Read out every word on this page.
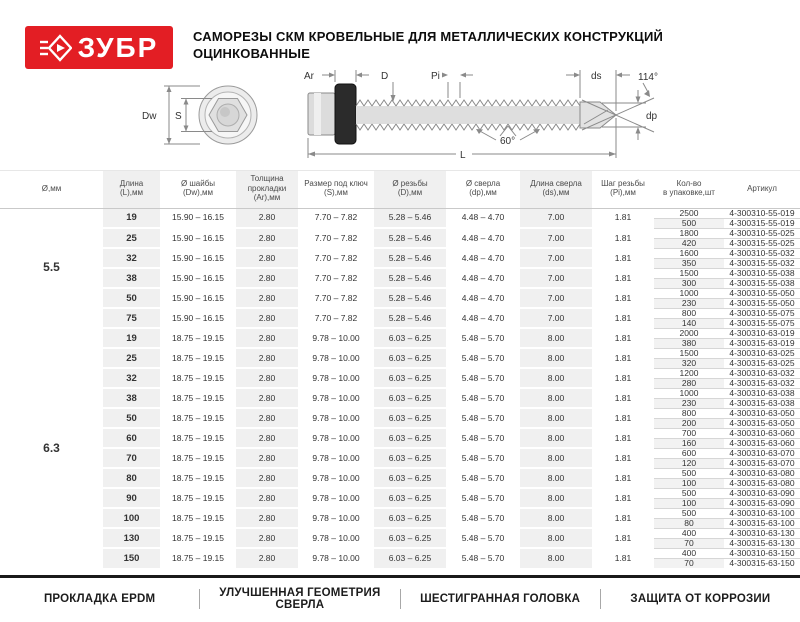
ЗУБР	САМОРЕЗЫ СКМ КРОВЕЛЬНЫЕ ДЛЯ МЕТАЛЛИЧЕСКИХ КОНСТРУКЦИЙ
ОЦИНКОВАННЫЕ
Dw S
Ar	D	Pi	ds	114°
dp
60°
L
Ø,мм

Длина
(L),мм

Ø шайбы
(Dw),мм

Толщина прокладки
(Ar),мм

Размер под ключ
(S),мм

Ø резьбы
(D),мм

Ø сверла
(dp),мм

Длина сверла
(ds),мм

Шаг резьбы
(Pi),мм

Кол-во
в упаковке,шт

Артикул

5.5	19	15.90 – 16.15	2.80	7.70 – 7.82	5.28 – 5.46	4.48 – 4.70	7.00	1.81	2500	4-300310-55-019
									500	4-300315-55-019
	25	15.90 – 16.15	2.80	7.70 – 7.82	5.28 – 5.46	4.48 – 4.70	7.00	1.81	1800	4-300310-55-025
									420	4-300315-55-025
	32	15.90 – 16.15	2.80	7.70 – 7.82	5.28 – 5.46	4.48 – 4.70	7.00	1.81	1600	4-300310-55-032
									350	4-300315-55-032
	38	15.90 – 16.15	2.80	7.70 – 7.82	5.28 – 5.46	4.48 – 4.70	7.00	1.81	1500	4-300310-55-038
									300	4-300315-55-038
	50	15.90 – 16.15	2.80	7.70 – 7.82	5.28 – 5.46	4.48 – 4.70	7.00	1.81	1000	4-300310-55-050
									230	4-300315-55-050
	75	15.90 – 16.15	2.80	7.70 – 7.82	5.28 – 5.46	4.48 – 4.70	7.00	1.81	800	4-300310-55-075
									140	4-300315-55-075
6.3	19	18.75 – 19.15	2.80	9.78 – 10.00	6.03 – 6.25	5.48 – 5.70	8.00	1.81	2000	4-300310-63-019
									380	4-300315-63-019
	25	18.75 – 19.15	2.80	9.78 – 10.00	6.03 – 6.25	5.48 – 5.70	8.00	1.81	1500	4-300310-63-025
									320	4-300315-63-025
	32	18.75 – 19.15	2.80	9.78 – 10.00	6.03 – 6.25	5.48 – 5.70	8.00	1.81	1200	4-300310-63-032
									280	4-300315-63-032
	38	18.75 – 19.15	2.80	9.78 – 10.00	6.03 – 6.25	5.48 – 5.70	8.00	1.81	1000	4-300310-63-038
									230	4-300315-63-038
	50	18.75 – 19.15	2.80	9.78 – 10.00	6.03 – 6.25	5.48 – 5.70	8.00	1.81	800	4-300310-63-050
									200	4-300315-63-050
	60	18.75 – 19.15	2.80	9.78 – 10.00	6.03 – 6.25	5.48 – 5.70	8.00	1.81	700	4-300310-63-060
									160	4-300315-63-060
	70	18.75 – 19.15	2.80	9.78 – 10.00	6.03 – 6.25	5.48 – 5.70	8.00	1.81	600	4-300310-63-070
									120	4-300315-63-070
	80	18.75 – 19.15	2.80	9.78 – 10.00	6.03 – 6.25	5.48 – 5.70	8.00	1.81	500	4-300310-63-080
									100	4-300315-63-080
	90	18.75 – 19.15	2.80	9.78 – 10.00	6.03 – 6.25	5.48 – 5.70	8.00	1.81	500	4-300310-63-090
									100	4-300315-63-090
	100	18.75 – 19.15	2.80	9.78 – 10.00	6.03 – 6.25	5.48 – 5.70	8.00	1.81	500	4-300310-63-100
									80	4-300315-63-100
	130	18.75 – 19.15	2.80	9.78 – 10.00	6.03 – 6.25	5.48 – 5.70	8.00	1.81	400	4-300310-63-130
									70	4-300315-63-130
	150	18.75 – 19.15	2.80	9.78 – 10.00	6.03 – 6.25	5.48 – 5.70	8.00	1.81	400	4-300310-63-150
									70	4-300315-63-150
ПРОКЛАДКА EPDM	УЛУЧШЕННАЯ ГЕОМЕТРИЯ СВЕРЛА	ШЕСТИГРАННАЯ ГОЛОВКА	ЗАЩИТА ОТ КОРРОЗИИ
